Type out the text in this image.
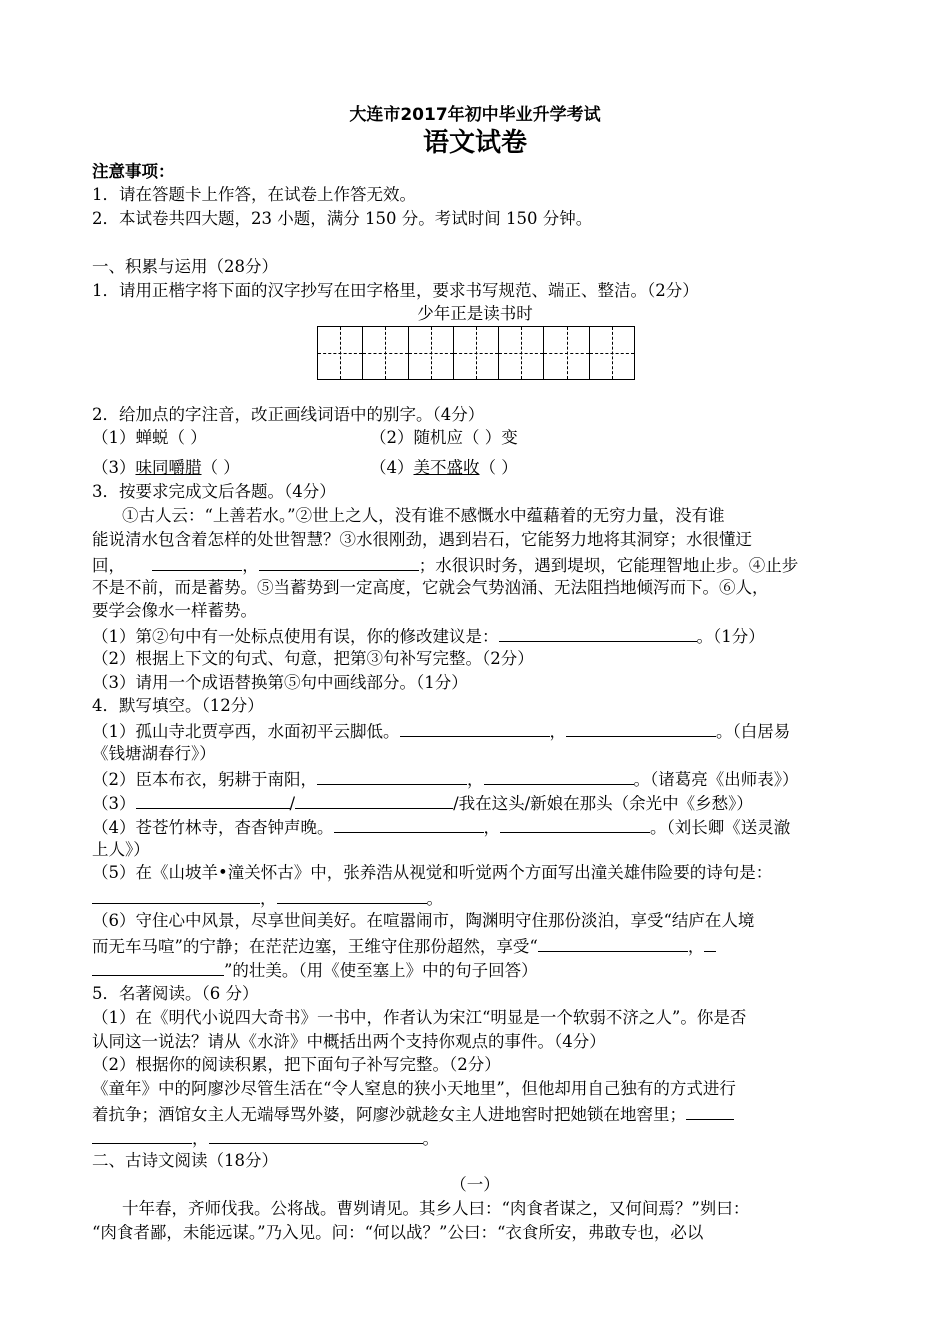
大连市2017年初中毕业升学考试
语文试卷
注意事项：
1．请在答题卡上作答，在试卷上作答无效。
2．本试卷共四大题，23 小题，满分 150 分。考试时间 150 分钟。
一、积累与运用（28分）
1．请用正楷字将下面的汉字抄写在田字格里，要求书写规范、端正、整洁。（2分）
少年正是读书时
2．给加点的字注音，改正画线词语中的别字。（4分）
（1）蝉蜕（ ）	（2）随机应（ ）变
（3）味同嚼腊（ ）	（4）美不盛收（ ）
3．按要求完成文后各题。（4分）
①古人云：“上善若水。”②世上之人，没有谁不感慨水中蕴藉着的无穷力量，没有谁
能说清水包含着怎样的处世智慧？③水很刚劲，遇到岩石，它能努力地将其洞穿；水很懂迂
回，	，	；水很识时务，遇到堤坝，它能理智地止步。④止步
不是不前，而是蓄势。⑤当蓄势到一定高度，它就会气势汹涌、无法阻挡地倾泻而下。⑥人，
要学会像水一样蓄势。
（1）第②句中有一处标点使用有误，你的修改建议是：	。（1分）
（2）根据上下文的句式、句意，把第③句补写完整。（2分）
（3）请用一个成语替换第⑤句中画线部分。（1分）
4．默写填空。（12分）
（1）孤山寺北贾亭西，水面初平云脚低。	，	。（白居易
《钱塘湖春行》）
（2）臣本布衣，躬耕于南阳，	，	。（诸葛亮《出师表》）
（3）	/	/我在这头/新娘在那头（余光中《乡愁》）
（4）苍苍竹林寺，杳杳钟声晚。	，	。（刘长卿《送灵澈
上人》）
（5）在《山坡羊•潼关怀古》中，张养浩从视觉和听觉两个方面写出潼关雄伟险要的诗句是：
，	。
（6）守住心中风景，尽享世间美好。在喧嚣闹市，陶渊明守住那份淡泊，享受“结庐在人境
而无车马喧”的宁静；在茫茫边塞，王维守住那份超然，享受“	，
”的壮美。（用《使至塞上》中的句子回答）
5．名著阅读。（6 分）
（1）在《明代小说四大奇书》一书中，作者认为宋江“明显是一个软弱不济之人”。你是否
认同这一说法？请从《水浒》中概括出两个支持你观点的事件。（4分）
（2）根据你的阅读积累，把下面句子补写完整。（2分）
《童年》中的阿廖沙尽管生活在“令人窒息的狭小天地里”，但他却用自己独有的方式进行
着抗争；酒馆女主人无端辱骂外婆，阿廖沙就趁女主人进地窖时把她锁在地窖里；
，	。
二、古诗文阅读（18分）
（一）
十年春，齐师伐我。公将战。曹刿请见。其乡人曰：“肉食者谋之，又何间焉？”刿曰：
“肉食者鄙，未能远谋。”乃入见。问：“何以战？”公曰：“衣食所安，弗敢专也，必以
